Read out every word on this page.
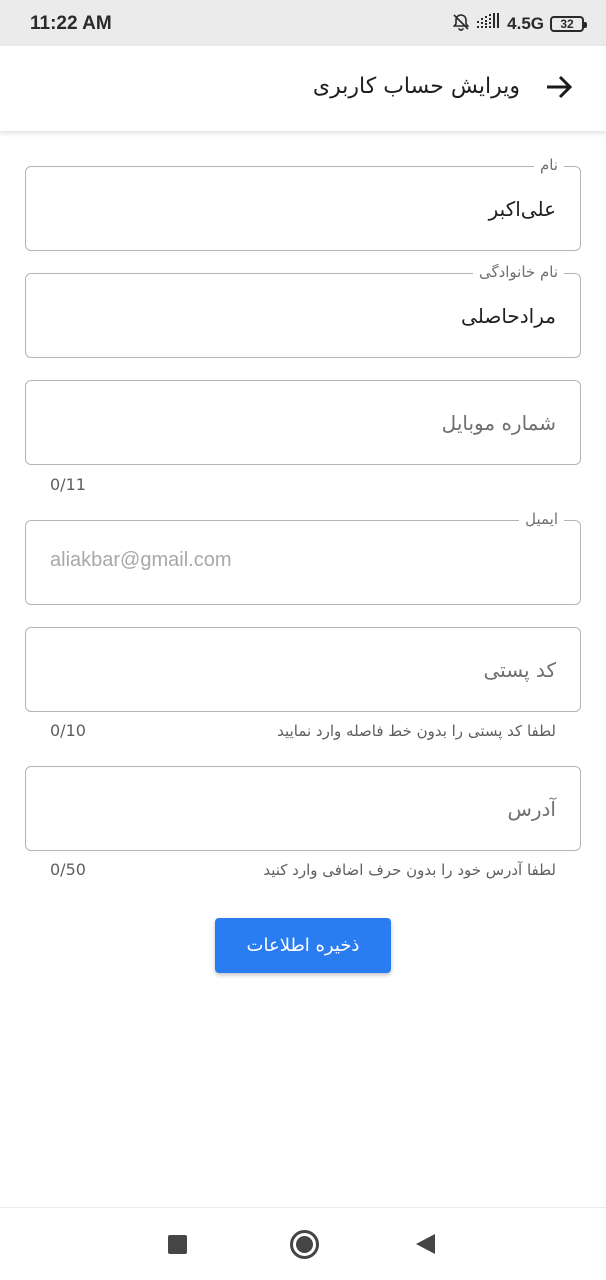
11:22 AM	4.5G 32
ویرایش حساب کاربری
نام
علی‌اکبر
نام خانوادگی
مرادحاصلی
شماره موبایل
0/11
ایمیل
aliakbar@gmail.com
کد پستی
0/10	لطفا کد پستی را بدون خط فاصله وارد نمایید
آدرس
0/50	لطفا آدرس خود را بدون حرف اضافی وارد کنید
ذخیره اطلاعات
